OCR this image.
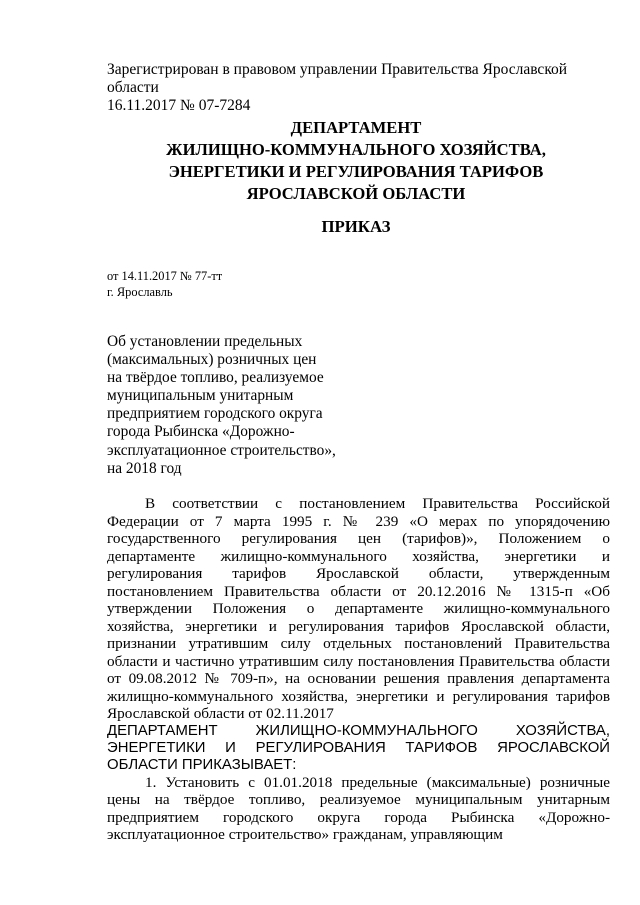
Зарегистрирован в правовом управлении Правительства Ярославской области
16.11.2017 № 07-7284
ДЕПАРТАМЕНТ
ЖИЛИЩНО-КОММУНАЛЬНОГО ХОЗЯЙСТВА,
ЭНЕРГЕТИКИ И РЕГУЛИРОВАНИЯ ТАРИФОВ
ЯРОСЛАВСКОЙ ОБЛАСТИ
ПРИКАЗ
от 14.11.2017 № 77-тт
г. Ярославль
Об установлении предельных
(максимальных) розничных цен
на твёрдое топливо, реализуемое
муниципальным унитарным
предприятием городского округа
города Рыбинска «Дорожно-
эксплуатационное строительство»,
на 2018 год

В соответствии с постановлением Правительства Российской Федерации от 7 марта 1995 г. № 239 «О мерах по упорядочению государственного регулирования цен (тарифов)», Положением о департаменте жилищно-коммунального хозяйства, энергетики и регулирования тарифов Ярославской области, утвержденным постановлением Правительства области от 20.12.2016 № 1315-п «Об утверждении Положения о департаменте жилищно-коммунального хозяйства, энергетики и регулирования тарифов Ярославской области, признании утратившим силу отдельных постановлений Правительства области и частично утратившим силу постановления Правительства области от 09.08.2012 № 709-п», на основании решения правления департамента жилищно-коммунального хозяйства, энергетики и регулирования тарифов Ярославской области от 02.11.2017

ДЕПАРТАМЕНТ ЖИЛИЩНО-КОММУНАЛЬНОГО ХОЗЯЙСТВА, ЭНЕРГЕТИКИ И РЕГУЛИРОВАНИЯ ТАРИФОВ ЯРОСЛАВСКОЙ ОБЛАСТИ ПРИКАЗЫВАЕТ:

1. Установить с 01.01.2018 предельные (максимальные) розничные цены на твёрдое топливо, реализуемое муниципальным унитарным предприятием городского округа города Рыбинска «Дорожно-эксплуатационное строительство» гражданам, управляющим
